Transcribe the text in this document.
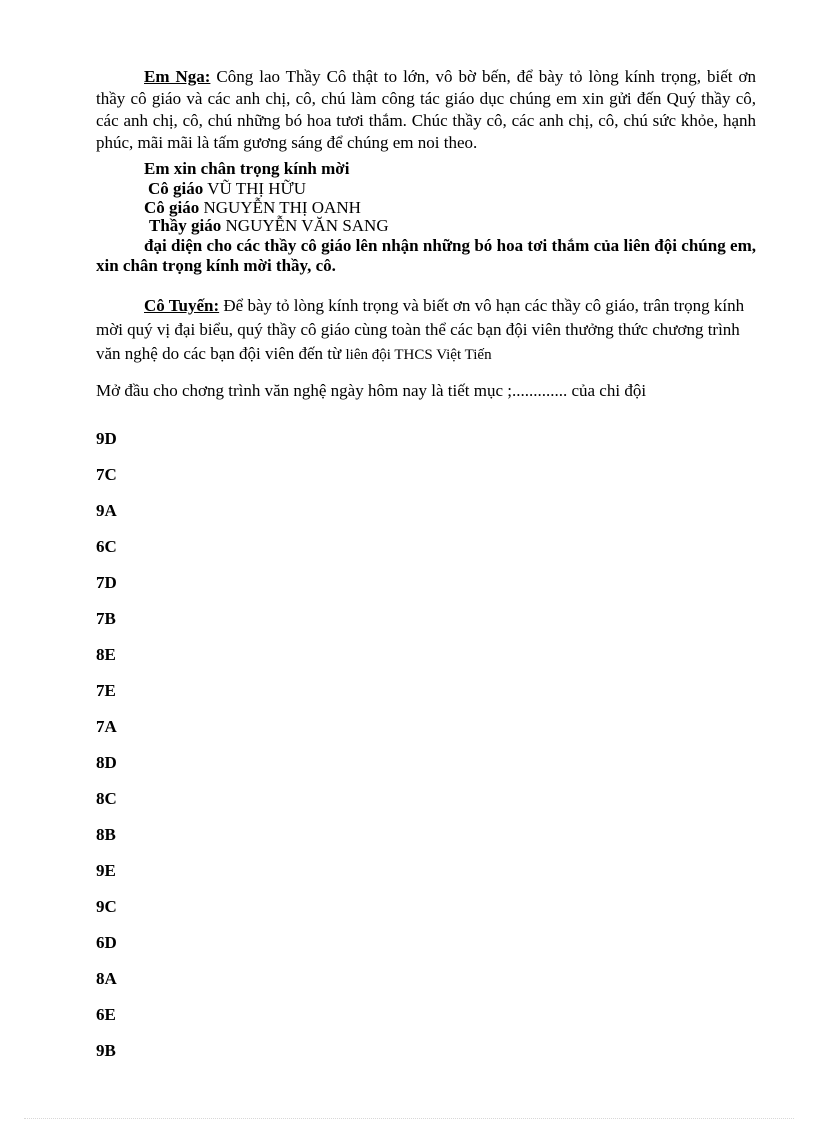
Em Nga: Công lao Thầy Cô thật to lớn, vô bờ bến, để bày tỏ lòng kính trọng, biết ơn thầy cô giáo và các anh chị, cô, chú làm công tác giáo dục chúng em xin gửi đến Quý thầy cô, các anh chị, cô, chú những bó hoa tươi thắm. Chúc thầy cô, các anh chị, cô, chú sức khỏe, hạnh phúc, mãi mãi là tấm gương sáng để chúng em noi theo.

Em xin chân trọng kính mời

Cô giáo VŨ THỊ HỮU

Cô giáo NGUYỄN THỊ OANH

Thầy giáo NGUYỄN VĂN SANG

đại diện cho các thầy cô giáo lên nhận những bó hoa tơi thắm của liên đội chúng em, xin chân trọng kính mời thầy, cô.

Cô Tuyến: Để bày tỏ lòng kính trọng và biết ơn vô hạn các thầy cô giáo, trân trọng kính mời quý vị đại biểu, quý thầy cô giáo cùng toàn thể các bạn đội viên thưởng thức chương trình văn nghệ do các bạn đội viên đến từ liên đội THCS Việt Tiến

Mở đầu cho chơng trình văn nghệ ngày hôm nay là tiết mục ;............. của chi đội

9D
7C
9A
6C
7D
7B
8E
7E
7A
8D
8C
8B
9E
9C
6D
8A
6E
9B
